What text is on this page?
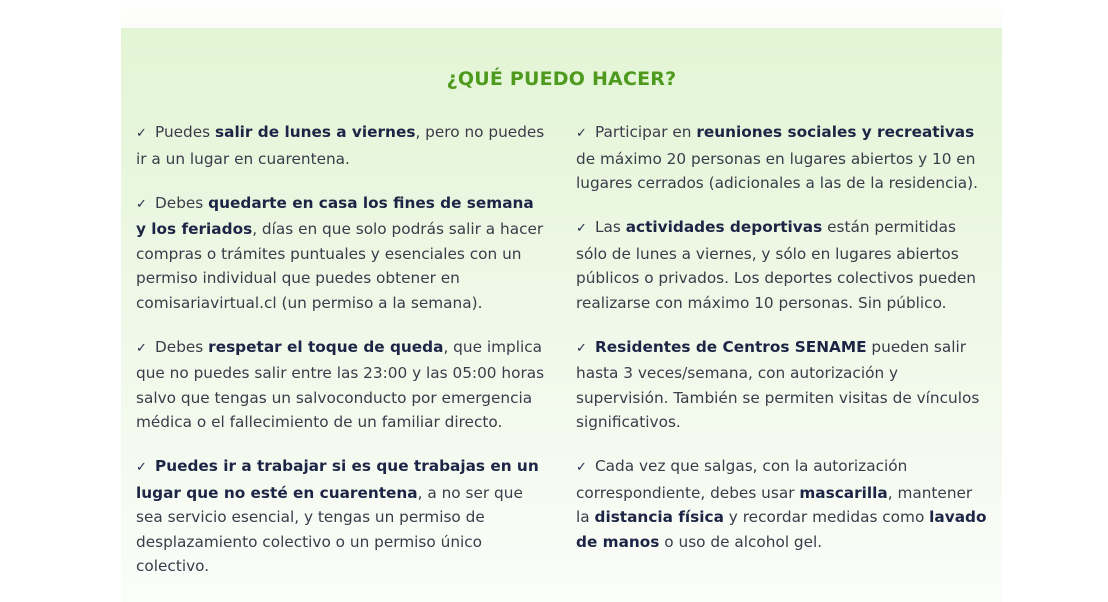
¿QUÉ PUEDO HACER?
✓ Puedes salir de lunes a viernes, pero no puedes ir a un lugar en cuarentena.
✓ Debes quedarte en casa los fines de semana y los feriados, días en que solo podrás salir a hacer compras o trámites puntuales y esenciales con un permiso individual que puedes obtener en comisariavirtual.cl (un permiso a la semana).
✓ Debes respetar el toque de queda, que implica que no puedes salir entre las 23:00 y las 05:00 horas salvo que tengas un salvoconducto por emergencia médica o el fallecimiento de un familiar directo.
✓ Puedes ir a trabajar si es que trabajas en un lugar que no esté en cuarentena, a no ser que sea servicio esencial, y tengas un permiso de desplazamiento colectivo o un permiso único colectivo.
✓ Participar en reuniones sociales y recreativas de máximo 20 personas en lugares abiertos y 10 en lugares cerrados (adicionales a las de la residencia).
✓ Las actividades deportivas están permitidas sólo de lunes a viernes, y sólo en lugares abiertos públicos o privados. Los deportes colectivos pueden realizarse con máximo 10 personas. Sin público.
✓ Residentes de Centros SENAME pueden salir hasta 3 veces/semana, con autorización y supervisión. También se permiten visitas de vínculos significativos.
✓ Cada vez que salgas, con la autorización correspondiente, debes usar mascarilla, mantener la distancia física y recordar medidas como lavado de manos o uso de alcohol gel.
